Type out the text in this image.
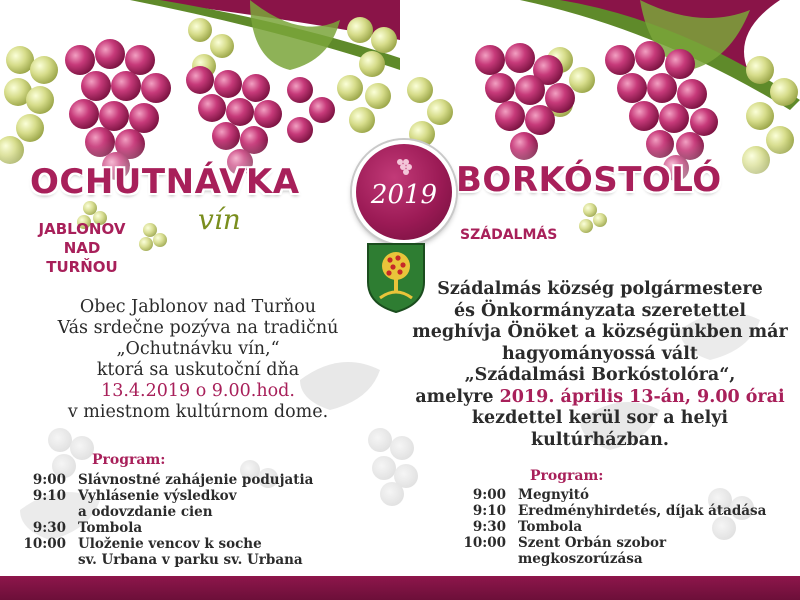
OCHUTNÁVKA
vín
JABLONOV
NAD
TURŇOU
BORKÓSTOLÓ
SZÁDALMÁS
2019
Obec Jablonov nad Turňou
Vás srdečne pozýva na tradičnú
„Ochutnávku vín,“
ktorá sa uskutoční dňa
13.4.2019 o 9.00.hod.
v miestnom kultúrnom dome.
Szádalmás község polgármestere
és Önkormányzata szeretettel
meghívja Önöket a községünkben már
hagyományossá vált
„Szádalmási Borkóstolóra“,
amelyre 2019. április 13-án, 9.00 órai
kezdettel kerül sor a helyi
kultúrházban.
Program:
9:00 Slávnostné zahájenie podujatia
9:10 Vyhlásenie výsledkov
a odovzdanie cien
9:30 Tombola
10:00 Uloženie vencov k soche
sv. Urbana v parku sv. Urbana
Program:
9:00 Megnyitó
9:10 Eredményhirdetés, díjak átadása
9:30 Tombola
10:00 Szent Orbán szobor
megkoszorúzása
